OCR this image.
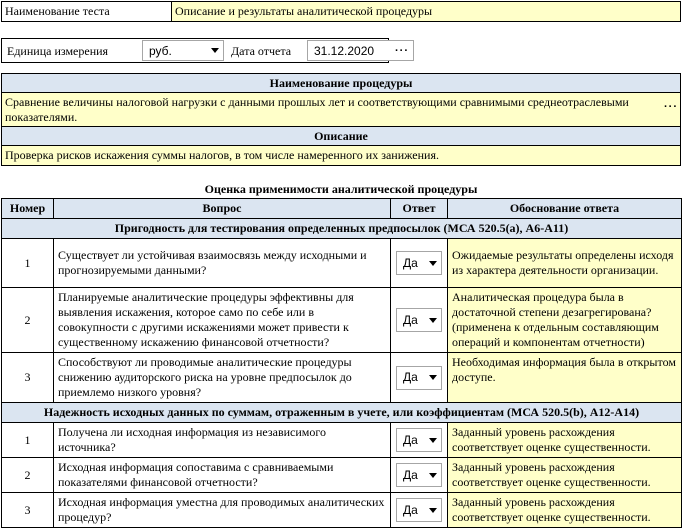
Наименование теста	Описание и результаты аналитической процедуры
Единица измерения	руб.	Дата отчета	31.12.2020 ···
Наименование процедуры
Сравнение величины налоговой нагрузки с данными прошлых лет и соответствующими сравнимыми среднеотраслевыми показателями.
···
Описание
Проверка рисков искажения суммы налогов, в том числе намеренного их занижения.
Оценка применимости аналитической процедуры
Номер	Вопрос	Ответ	Обоснование ответа
Пригодность для тестирования определенных предпосылок (МСА 520.5(a), A6-A11)			
1	Существует ли устойчивая взаимосвязь между исходными и прогнозируемыми данными?	Да	Ожидаемые результаты определены исходя из характера деятельности организации.
2	Планируемые аналитические процедуры эффективны для выявления искажения, которое само по себе или в совокупности с другими искажениями может привести к существенному искажению финансовой отчетности?	Да	Аналитическая процедура была в достаточной степени дезагрегирована? (применена к отдельным составляющим операций и компонентам отчетности)
3	Способствуют ли проводимые аналитические процедуры снижению аудиторского риска на уровне предпосылок до приемлемо низкого уровня?	Да	Необходимая информация была в открытом доступе.
Надежность исходных данных по суммам, отраженным в учете, или коэффициентам (МСА 520.5(b), A12-A14)			
1	Получена ли исходная информация из независимого источника?	Да	Заданный уровень расхождения соответствует оценке существенности.
2	Исходная информация сопоставима с сравниваемыми показателями финансовой отчетности?	Да	Заданный уровень расхождения соответствует оценке существенности.
3	Исходная информация уместна для проводимых аналитических процедур?	Да	Заданный уровень расхождения соответствует оценке существенности.
